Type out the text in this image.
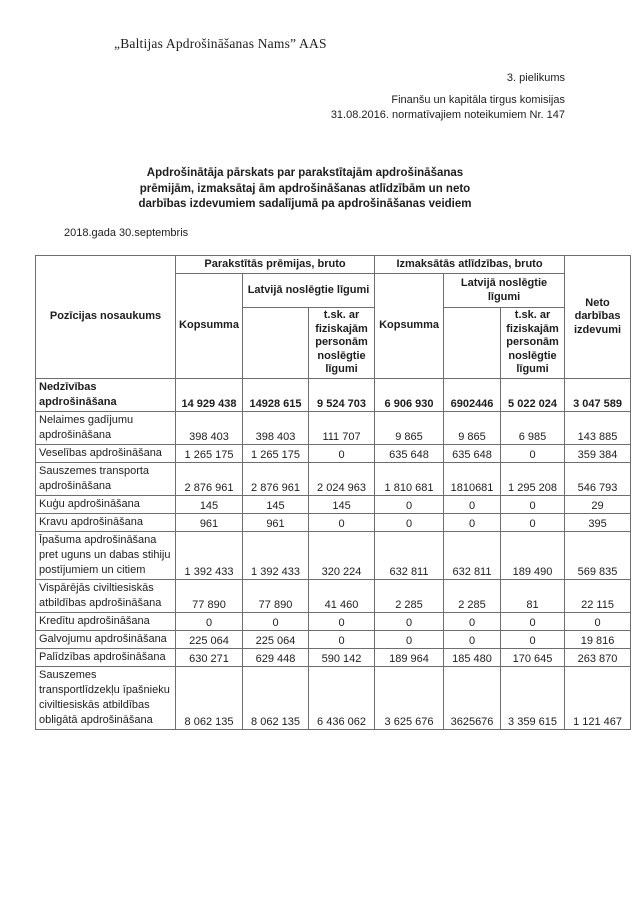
„Baltijas Apdrošināšanas Nams” AAS
3. pielikums
Finanšu un kapitāla tirgus komisijas
31.08.2016. normatīvajiem noteikumiem Nr. 147
Apdrošinātāja pārskats par parakstītajām apdrošināšanas
prēmijām, izmaksātaj ām apdrošināšanas atlīdzībām un neto
darbības izdevumiem sadalījumā pa apdrošināšanas veidiem
2018.gada 30.septembris
Pozīcijas nosaukums	Parakstītās prēmijas, bruto			Izmaksātās atlīdzības, bruto			Neto darbības izdevumi
	Kopsumma	Latvijā noslēgtie līgumi		Kopsumma	Latvijā noslēgtie līgumi		
			t.sk. ar fiziskajām personām noslēgtie līgumi			t.sk. ar fiziskajām personām noslēgtie līgumi	
Nedzīvības apdrošināšana	14 929 438	14928 615	9 524 703	6 906 930	6902446	5 022 024	3 047 589
Nelaimes gadījumu apdrošināšana	398 403	398 403	111 707	9 865	9 865	6 985	143 885
Veselības apdrošināšana	1 265 175	1 265 175	0	635 648	635 648	0	359 384
Sauszemes transporta apdrošināšana	2 876 961	2 876 961	2 024 963	1 810 681	1810681	1 295 208	546 793
Kuģu apdrošināšana	145	145	145	0	0	0	29
Kravu apdrošināšana	961	961	0	0	0	0	395
Īpašuma apdrošināšana pret uguns un dabas stihiju postījumiem un citiem	1 392 433	1 392 433	320 224	632 811	632 811	189 490	569 835
Vispārējās civiltiesiskās atbildības apdrošināšana	77 890	77 890	41 460	2 285	2 285	81	22 115
Kredītu apdrošināšana	0	0	0	0	0	0	0
Galvojumu apdrošināšana	225 064	225 064	0	0	0	0	19 816
Palīdzības apdrošināšana	630 271	629 448	590 142	189 964	185 480	170 645	263 870
Sauszemes transportlīdzekļu īpašnieku civiltiesiskās atbildības obligātā apdrošināšana	8 062 135	8 062 135	6 436 062	3 625 676	3625676	3 359 615	1 121 467
